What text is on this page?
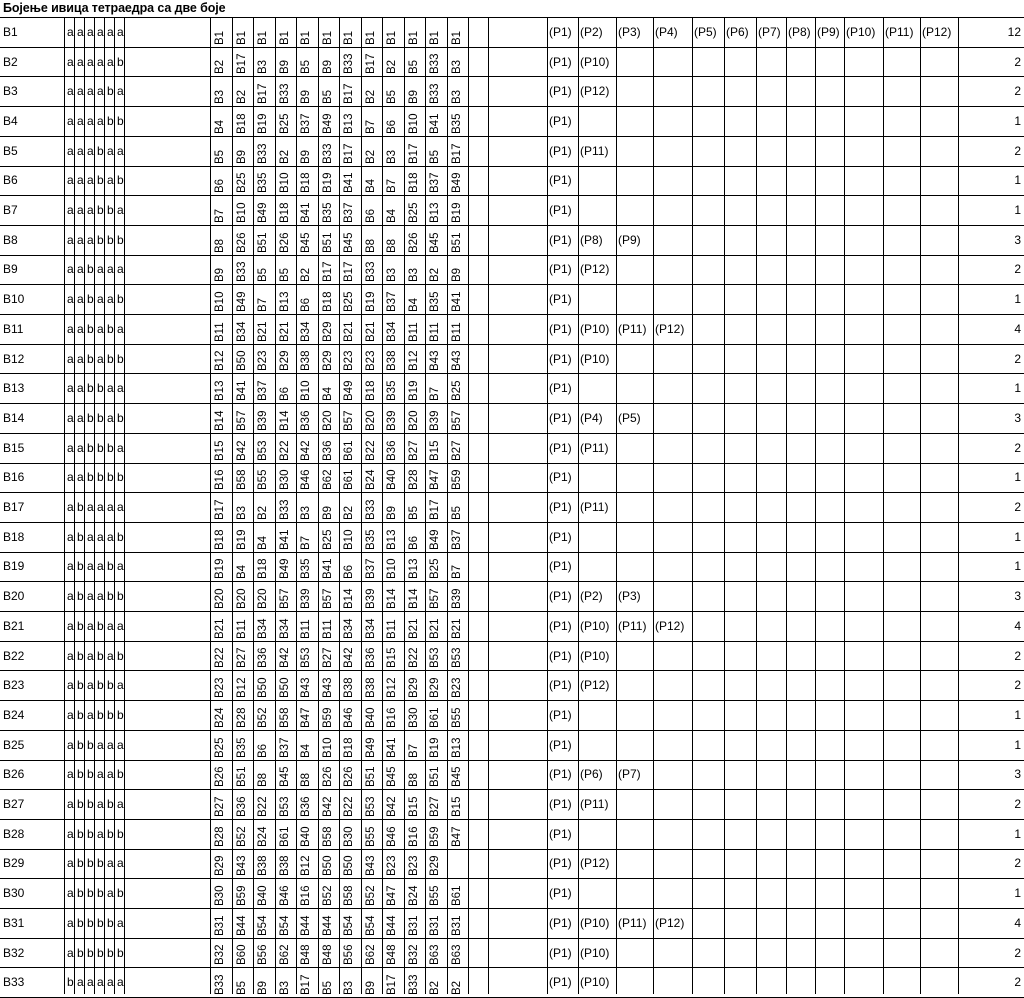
Бојење ивица тетраедра са две боје
B1	a a a a a a	B1 B1 B1 B1 B1 B1 B1 B1 B1 B1 B1 B1	(P1) (P2) (P3) (P4) (P5) (P6) (P7) (P8) (P9) (P10) (P11) (P12)	12
B2	a a a a a b	B2 B17 B3 B9 B5 B9 B33 B17 B2 B5 B33 B3	(P1) (P10)	2
B3	a a a a b a	B3 B2 B17 B33 B9 B5 B17 B2 B5 B9 B33 B3	(P1) (P12)	2
B4	a a a a b b	B4 B18 B19 B25 B37 B49 B13 B7 B6 B10 B41 B35	(P1)	1
B5	a a a b a a	B5 B9 B33 B2 B9 B33 B17 B2 B3 B17 B5 B17	(P1) (P11)	2
B6	a a a b a b	B6 B25 B35 B10 B18 B19 B41 B4 B7 B18 B37 B49	(P1)	1
B7	a a a b b a	B7 B10 B49 B18 B41 B35 B37 B6 B4 B25 B13 B19	(P1)	1
B8	a a a b b b	B8 B26 B51 B26 B45 B51 B45 B8 B8 B26 B45 B51	(P1) (P8) (P9)	3
B9	a a b a a a	B9 B33 B5 B5 B2 B17 B17 B33 B3 B3 B2 B9	(P1) (P12)	2
B10	a a b a a b	B10 B49 B7 B13 B6 B18 B25 B19 B37 B4 B35 B41	(P1)	1
B11	a a b a b a	B11 B34 B21 B21 B34 B29 B21 B21 B34 B11 B11 B11	(P1) (P10) (P11) (P12)	4
B12	a a b a b b	B12 B50 B23 B29 B38 B29 B23 B23 B38 B12 B43 B43	(P1) (P10)	2
B13	a a b b a a	B13 B41 B37 B6 B10 B4 B49 B18 B35 B19 B7 B25	(P1)	1
B14	a a b b a b	B14 B57 B39 B14 B36 B20 B57 B20 B39 B20 B39 B57	(P1) (P4) (P5)	3
B15	a a b b b a	B15 B42 B53 B22 B42 B36 B61 B22 B36 B27 B15 B27	(P1) (P11)	2
B16	a a b b b b	B16 B58 B55 B30 B46 B62 B61 B24 B40 B28 B47 B59	(P1)	1
B17	a b a a a a	B17 B3 B2 B33 B3 B9 B2 B33 B9 B5 B17 B5	(P1) (P11)	2
B18	a b a a a b	B18 B19 B4 B41 B7 B25 B10 B35 B13 B6 B49 B37	(P1)	1
B19	a b a a b a	B19 B4 B18 B49 B35 B41 B6 B37 B10 B13 B25 B7	(P1)	1
B20	a b a a b b	B20 B20 B20 B57 B39 B57 B14 B39 B14 B14 B57 B39	(P1) (P2) (P3)	3
B21	a b a b a a	B21 B11 B34 B34 B11 B11 B34 B34 B11 B21 B21 B21	(P1) (P10) (P11) (P12)	4
B22	a b a b a b	B22 B27 B36 B42 B53 B27 B42 B36 B15 B22 B53 B53	(P1) (P10)	2
B23	a b a b b a	B23 B12 B50 B50 B43 B43 B38 B38 B12 B29 B29 B23	(P1) (P12)	2
B24	a b a b b b	B24 B28 B52 B58 B47 B59 B46 B40 B16 B30 B61 B55	(P1)	1
B25	a b b a a a	B25 B35 B6 B37 B4 B10 B18 B49 B41 B7 B19 B13	(P1)	1
B26	a b b a a b	B26 B51 B8 B45 B8 B26 B26 B51 B45 B8 B51 B45	(P1) (P6) (P7)	3
B27	a b b a b a	B27 B36 B22 B53 B36 B42 B22 B53 B42 B15 B27 B15	(P1) (P11)	2
B28	a b b a b b	B28 B52 B24 B61 B40 B58 B30 B55 B46 B16 B59 B47	(P1)	1
B29	a b b b a a	B29 B43 B38 B38 B12 B50 B50 B43 B23 B23 B29	(P1) (P12)	2
B30	a b b b a b	B30 B59 B40 B46 B16 B52 B58 B52 B47 B24 B55 B61	(P1)	1
B31	a b b b b a	B31 B44 B54 B54 B44 B44 B54 B54 B44 B31 B31 B31	(P1) (P10) (P11) (P12)	4
B32	a b b b b b	B32 B60 B56 B62 B48 B48 B56 B62 B48 B32 B63 B63	(P1) (P10)	2
B33	b a a a a a	B33 B5 B9 B3 B17 B5 B3 B9 B17 B33 B2 B2	(P1) (P10)	2
